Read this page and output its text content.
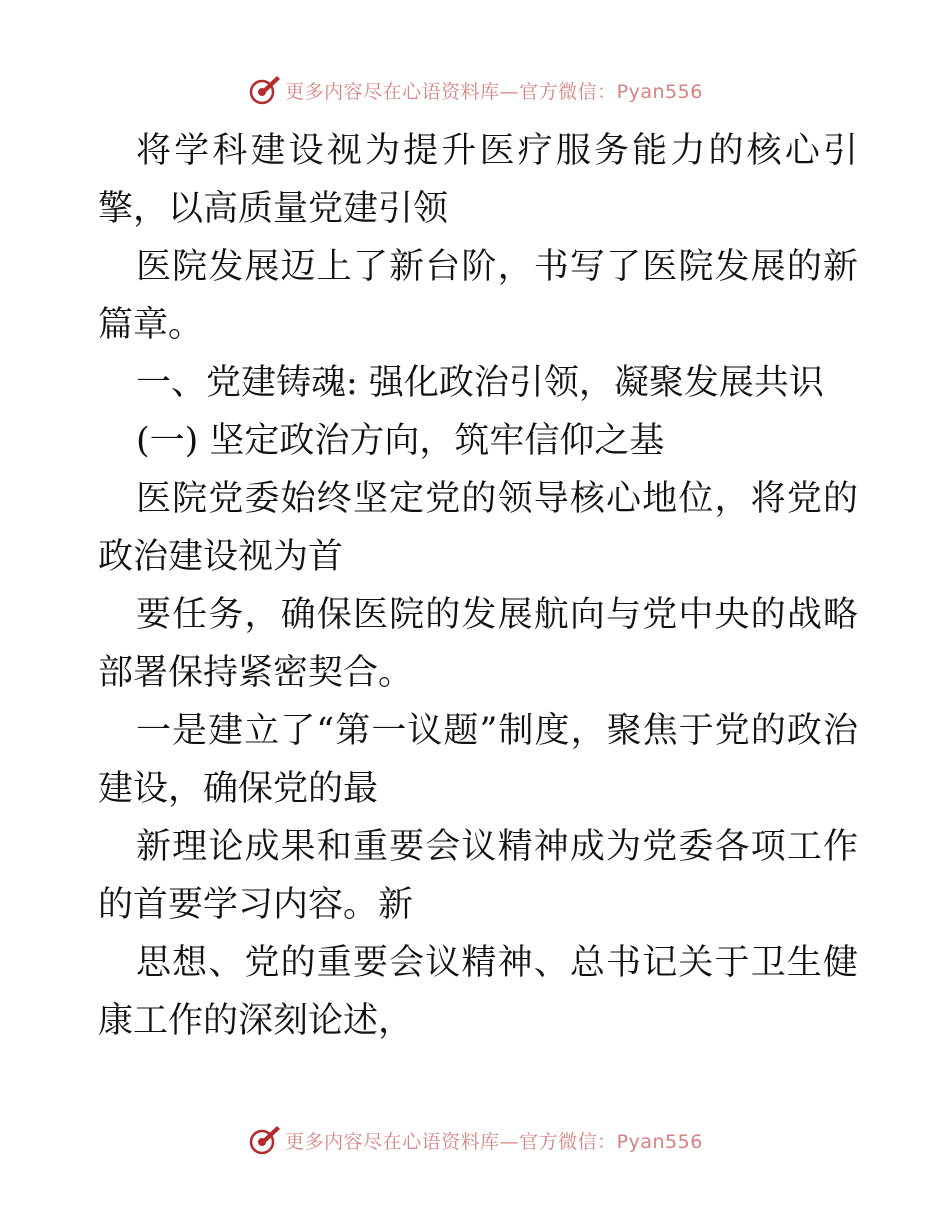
更多内容尽在心语资料库—官方微信：Pyan556

将学科建设视为提升医疗服务能力的核心引擎，以高质量党建引领

医院发展迈上了新台阶，书写了医院发展的新篇章。

一、党建铸魂: 强化政治引领，凝聚发展共识

(一) 坚定政治方向，筑牢信仰之基

医院党委始终坚定党的领导核心地位，将党的政治建设视为首

要任务，确保医院的发展航向与党中央的战略部署保持紧密契合。

一是建立了“第一议题”制度，聚焦于党的政治建设，确保党的最

新理论成果和重要会议精神成为党委各项工作的首要学习内容。新

思想、党的重要会议精神、总书记关于卫生健康工作的深刻论述，

更多内容尽在心语资料库—官方微信：Pyan556
